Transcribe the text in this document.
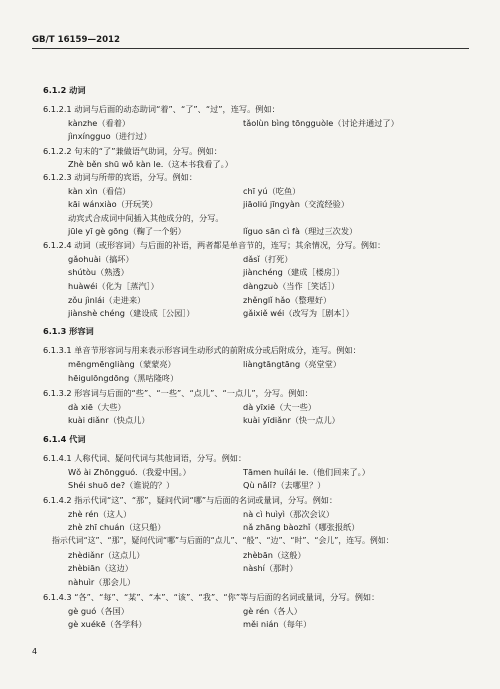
GB/T 16159—2012
6.1.2 动词
6.1.2.1 动词与后面的动态助词“着”、“了”、“过”，连写。例如：
kànzhe（看着）	tǎolùn bìng tōngguòle（讨论并通过了）
jìnxíngguo（进行过）
6.1.2.2 句末的“了”兼做语气助词，分写。例如：
Zhè běn shū wǒ kàn le.（这本书我看了。）
6.1.2.3 动词与所带的宾语，分写。例如：
kàn xìn（看信）	chī yú（吃鱼）
kāi wánxiào（开玩笑）	jiāoliú jīngyàn（交流经验）
动宾式合成词中间插入其他成分的，分写。
jūle yī gè gōng（鞠了一个躬）	lǐguo sān cì fà（理过三次发）
6.1.2.4 动词（或形容词）与后面的补语，两者都是单音节的，连写；其余情况，分写。例如：
gǎohuài（搞坏）	dǎsǐ（打死）
shútòu（熟透）	jiànchéng（建成［楼房］）
huàwéi（化为［蒸汽］）	dàngzuò（当作［笑话］）
zǒu jìnlái（走进来）	zhěnglǐ hǎo（整理好）
jiànshè chéng（建设成［公园］）	gǎixiě wéi（改写为［剧本］）
6.1.3 形容词
6.1.3.1 单音节形容词与用来表示形容词生动形式的前附成分或后附成分，连写。例如：
mēngmēngliàng（蒙蒙亮）	liàngtāngtāng（亮堂堂）
hēigulōngdōng（黑咕隆咚）
6.1.3.2 形容词与后面的“些”、“一些”、“点儿”、“一点儿”，分写。例如：
dà xiē（大些）	dà yīxiē（大一些）
kuài diǎnr（快点儿）	kuài yīdiǎnr（快一点儿）
6.1.4 代词
6.1.4.1 人称代词、疑问代词与其他词语，分写。例如：
Wǒ ài Zhōngguó.（我爱中国。）	Tāmen huílái le.（他们回来了。）
Shéi shuō de?（谁说的？）	Qù nǎlǐ?（去哪里？）
6.1.4.2 指示代词“这”、“那”，疑问代词“哪”与后面的名词或量词，分写。例如：
zhè rén（这人）	nà cì huìyì（那次会议）
zhè zhī chuán（这只船）	nǎ zhāng bàozhǐ（哪张报纸）
指示代词“这”、“那”，疑问代词“哪”与后面的“点儿”、“般”、“边”、“时”、“会儿”，连写。例如：
zhèdiǎnr（这点儿）	zhèbān（这般）
zhèbiān（这边）	nàshí（那时）
nàhuìr（那会儿）
6.1.4.3 “各”、“每”、“某”、“本”、“该”、“我”、“你”等与后面的名词或量词，分写。例如：
gè guó（各国）	gè rén（各人）
gè xuékē（各学科）	měi nián（每年）
4
